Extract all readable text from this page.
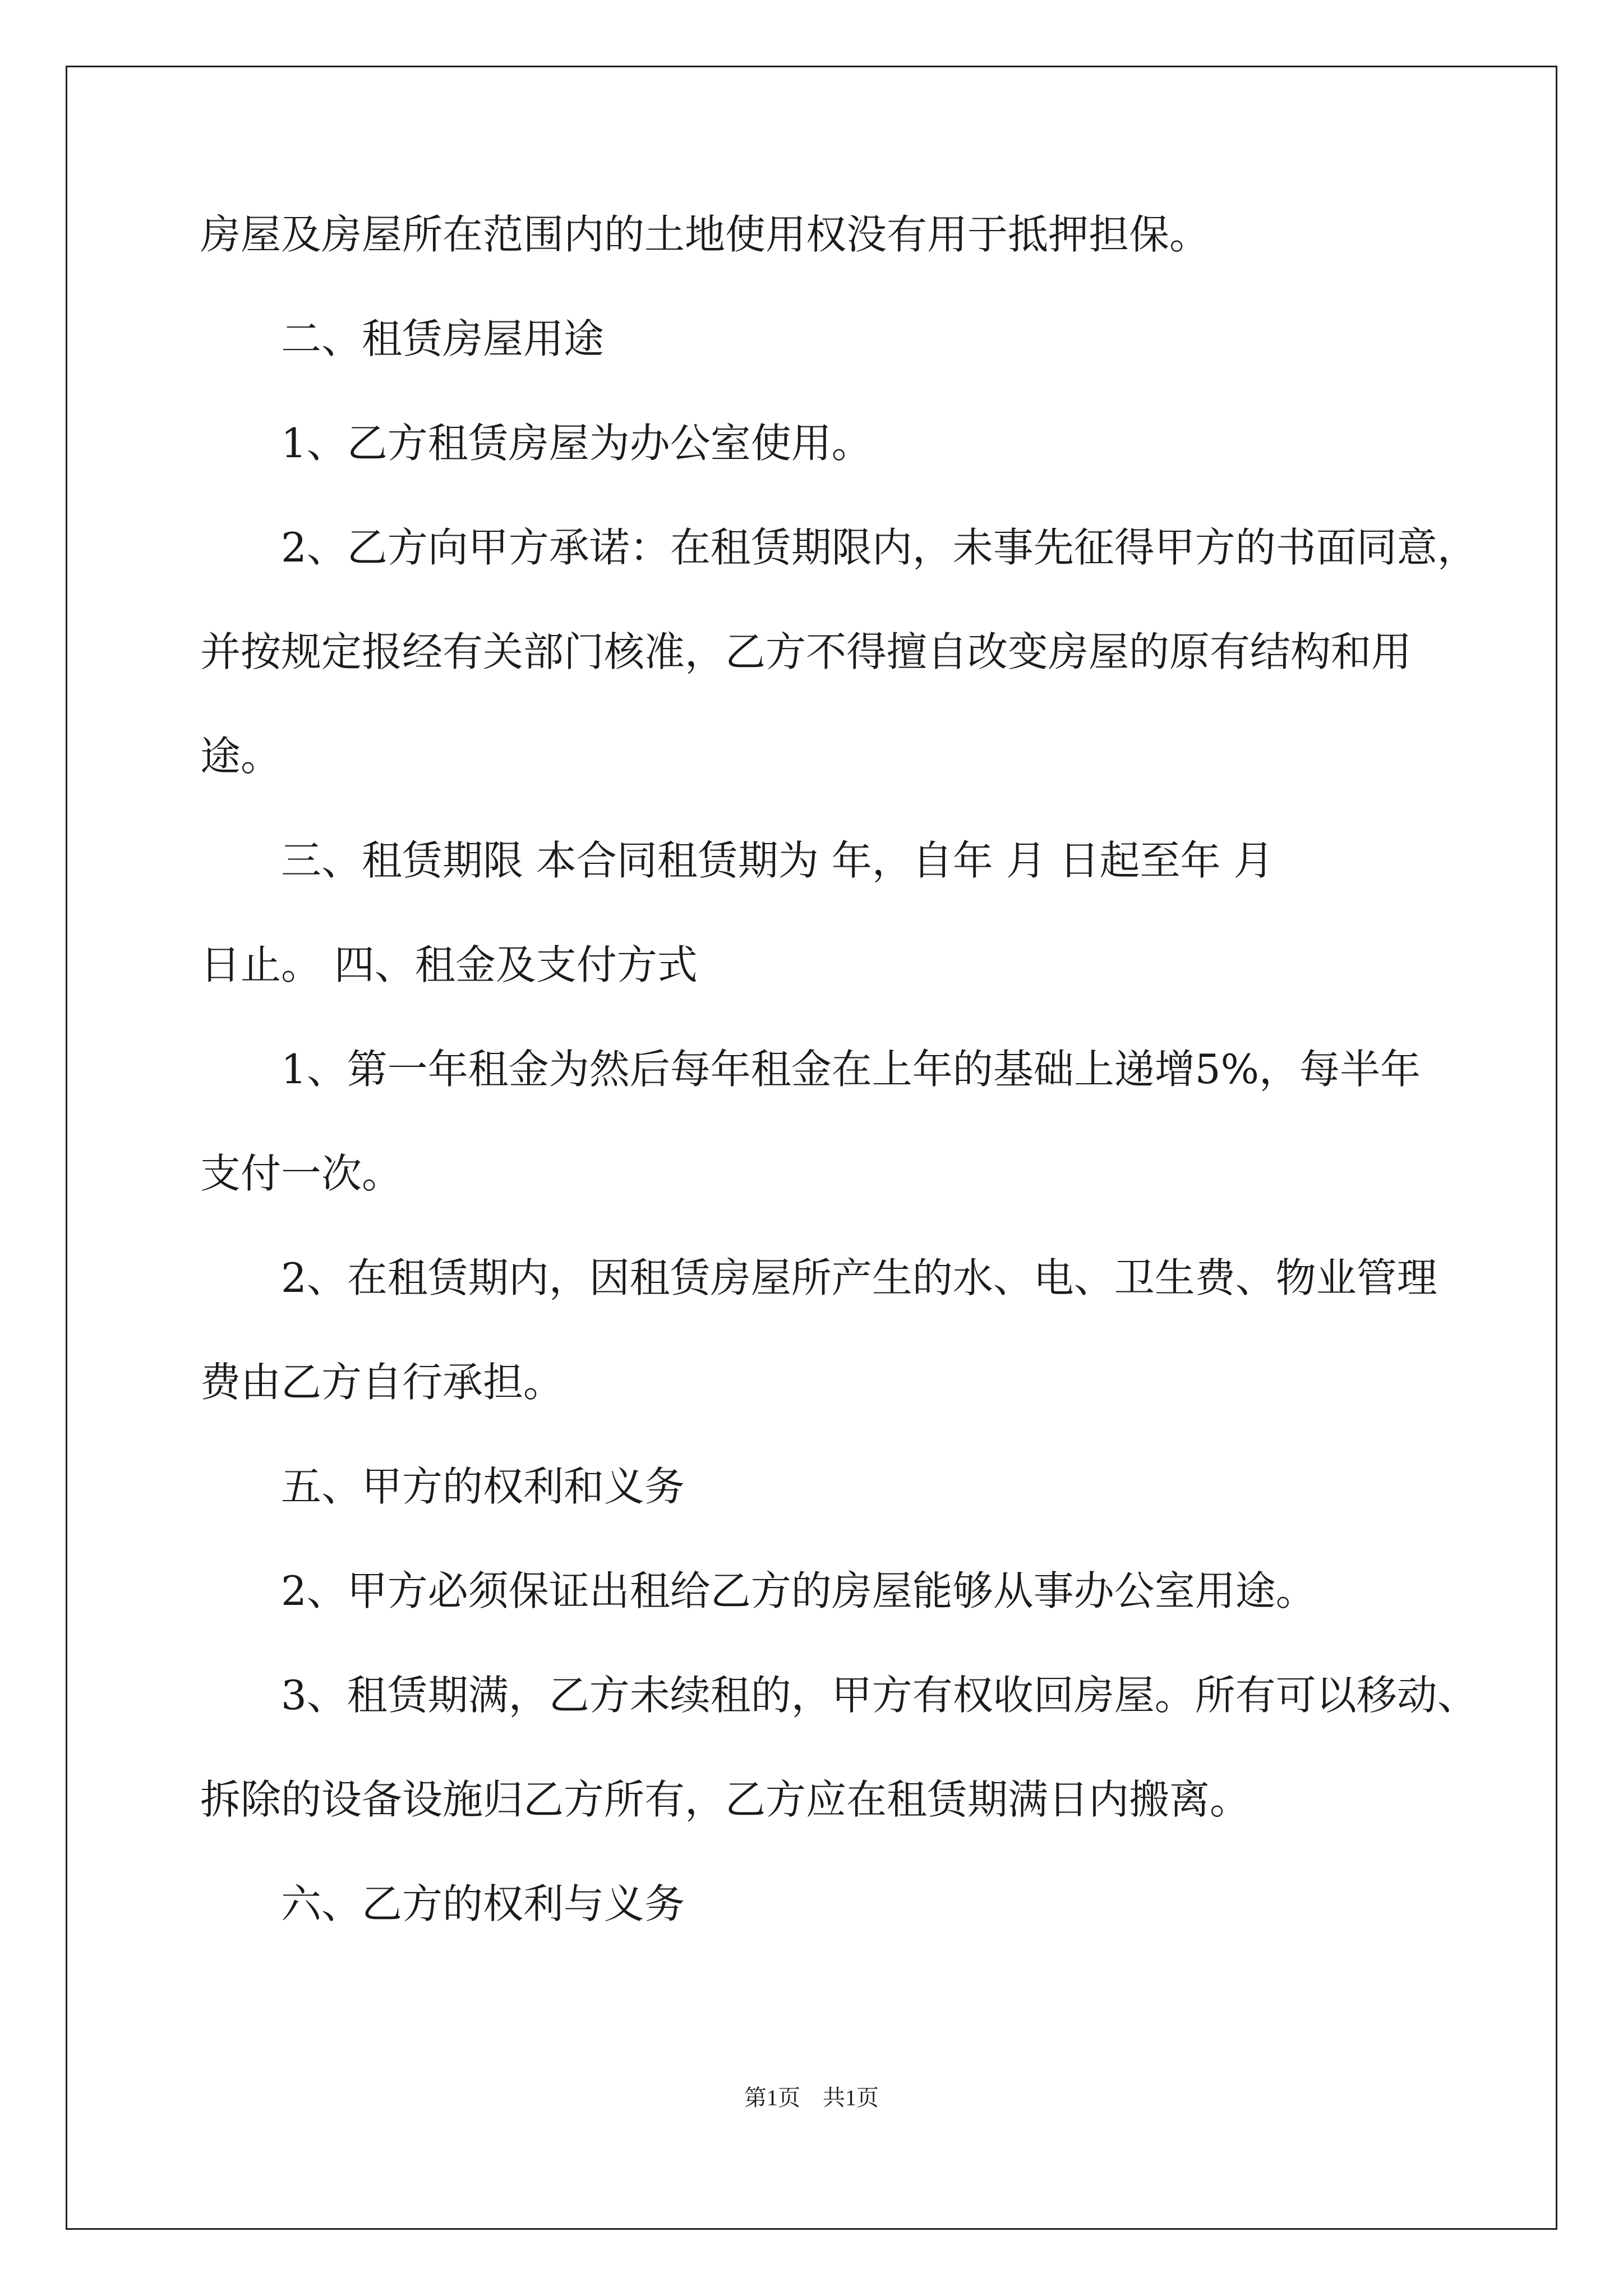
房屋及房屋所在范围内的土地使用权没有用于抵押担保。
二、租赁房屋用途
1、乙方租赁房屋为办公室使用。
2、乙方向甲方承诺：在租赁期限内，未事先征得甲方的书面同意，
并按规定报经有关部门核准，乙方不得擅自改变房屋的原有结构和用
途。
三、租赁期限 本合同租赁期为 年，自年 月 日起至年 月
日止。 四、租金及支付方式
1、第一年租金为然后每年租金在上年的基础上递增5%，每半年
支付一次。
2、在租赁期内，因租赁房屋所产生的水、电、卫生费、物业管理
费由乙方自行承担。
五、甲方的权利和义务
2、甲方必须保证出租给乙方的房屋能够从事办公室用途。
3、租赁期满，乙方未续租的，甲方有权收回房屋。所有可以移动、
拆除的设备设施归乙方所有，乙方应在租赁期满日内搬离。
六、乙方的权利与义务
第1页　共1页
